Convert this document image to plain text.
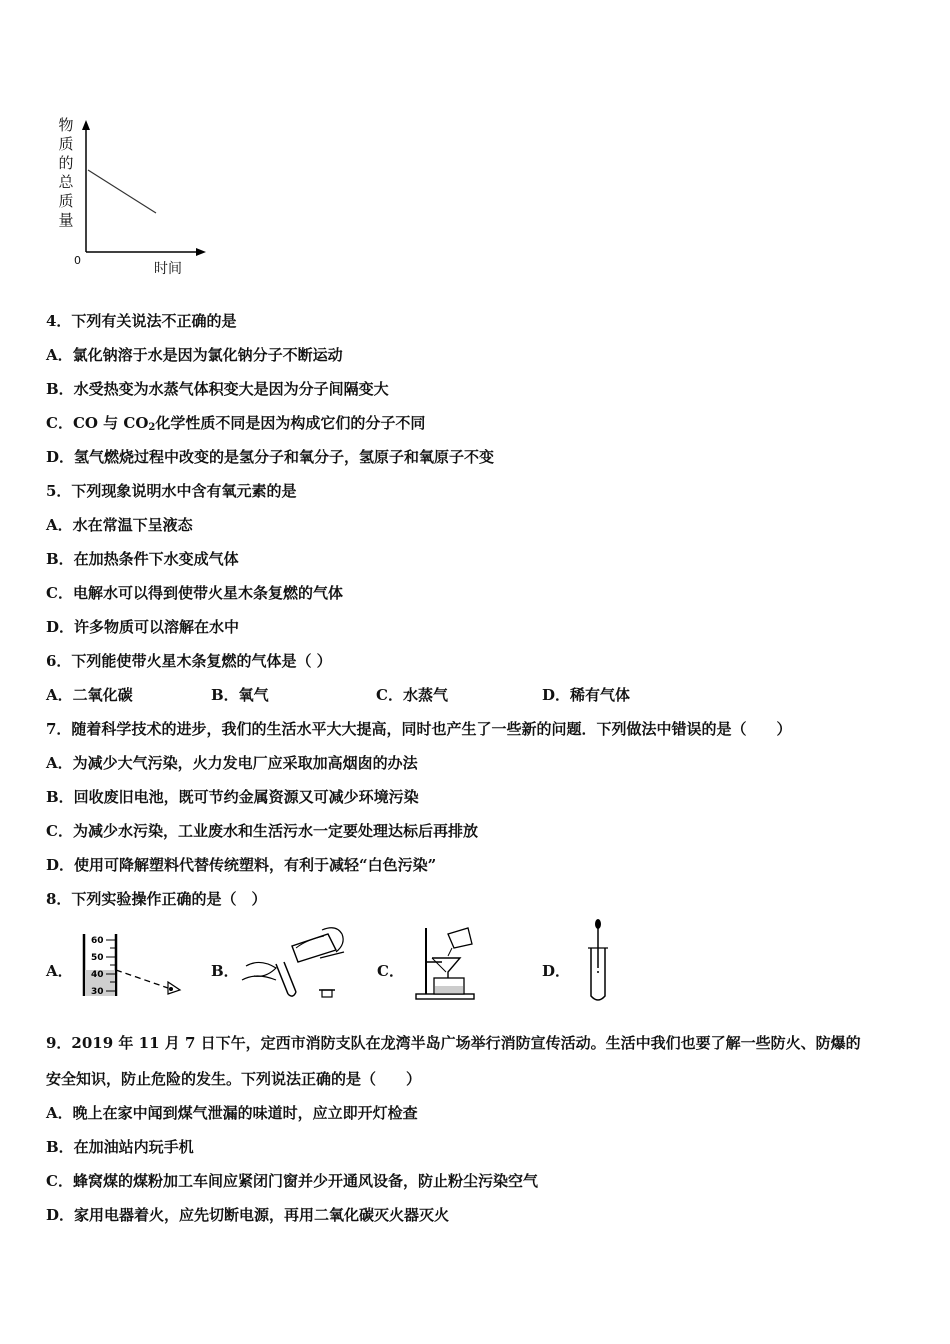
物
质
的
总
质
量
0
时间
4．下列有关说法不正确的是
A．氯化钠溶于水是因为氯化钠分子不断运动
B．水受热变为水蒸气体积变大是因为分子间隔变大
C．CO 与 $CO_2$化学性质不同是因为构成它们的分子不同
D．氢气燃烧过程中改变的是氢分子和氧分子，氢原子和氧原子不变
5．下列现象说明水中含有氧元素的是
A．水在常温下呈液态
B．在加热条件下水变成气体
C．电解水可以得到使带火星木条复燃的气体
D．许多物质可以溶解在水中
6．下列能使带火星木条复燃的气体是（ ）
A．二氧化碳	B．氧气	C．水蒸气	D．稀有气体
7．随着科学技术的进步，我们的生活水平大大提高，同时也产生了一些新的问题．下列做法中错误的是（　　）
A．为减少大气污染，火力发电厂应采取加高烟囱的办法
B．回收废旧电池，既可节约金属资源又可减少环境污染
C．为减少水污染，工业废水和生活污水一定要处理达标后再排放
D．使用可降解塑料代替传统塑料，有利于减轻“白色污染”
8．下列实验操作正确的是（　）
A．
60
50
40
30
B．	C．	D．
9．2019 年 11 月 7 日下午，定西市消防支队在龙湾半岛广场举行消防宣传活动。生活中我们也要了解一些防火、防爆的
安全知识，防止危险的发生。下列说法正确的是（　　）
A．晚上在家中闻到煤气泄漏的味道时，应立即开灯检查
B．在加油站内玩手机
C．蜂窝煤的煤粉加工车间应紧闭门窗并少开通风设备，防止粉尘污染空气
D．家用电器着火，应先切断电源，再用二氧化碳灭火器灭火
